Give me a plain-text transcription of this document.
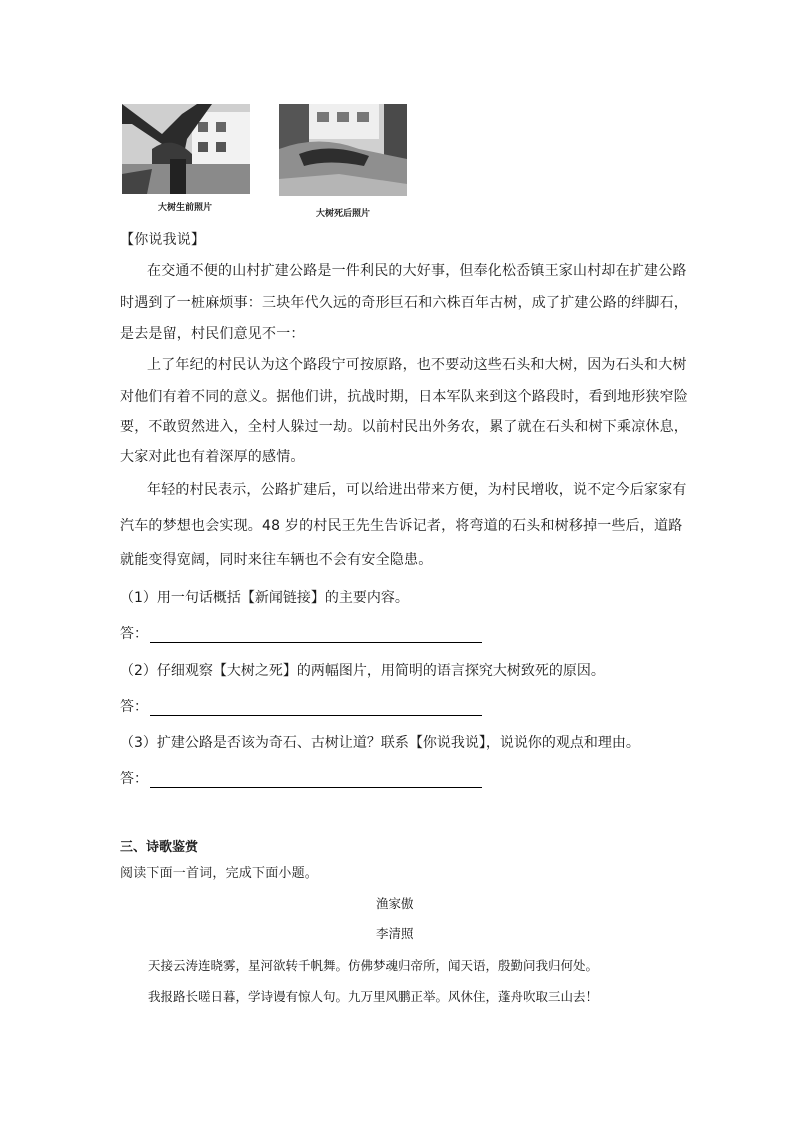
大树生前照片
大树死后照片
【你说我说】
在交通不便的山村扩建公路是一件利民的大好事，但奉化松岙镇王家山村却在扩建公路
时遇到了一桩麻烦事：三块年代久远的奇形巨石和六株百年古树，成了扩建公路的绊脚石，
是去是留，村民们意见不一：
上了年纪的村民认为这个路段宁可按原路，也不要动这些石头和大树，因为石头和大树
对他们有着不同的意义。据他们讲，抗战时期，日本军队来到这个路段时，看到地形狭窄险
要，不敢贸然进入，全村人躲过一劫。以前村民出外务农，累了就在石头和树下乘凉休息，
大家对此也有着深厚的感情。
年轻的村民表示，公路扩建后，可以给进出带来方便，为村民增收，说不定今后家家有
汽车的梦想也会实现。48 岁的村民王先生告诉记者，将弯道的石头和树移掉一些后，道路
就能变得宽阔，同时来往车辆也不会有安全隐患。
（1）用一句话概括【新闻链接】的主要内容。
答：
（2）仔细观察【大树之死】的两幅图片，用简明的语言探究大树致死的原因。
答：
（3）扩建公路是否该为奇石、古树让道？联系【你说我说】，说说你的观点和理由。
答：
三、诗歌鉴赏
阅读下面一首词，完成下面小题。
渔家傲
李清照
天接云涛连晓雾，星河欲转千帆舞。仿佛梦魂归帝所，闻天语，殷勤问我归何处。
我报路长嗟日暮，学诗谩有惊人句。九万里风鹏正举。风休住，蓬舟吹取三山去！
